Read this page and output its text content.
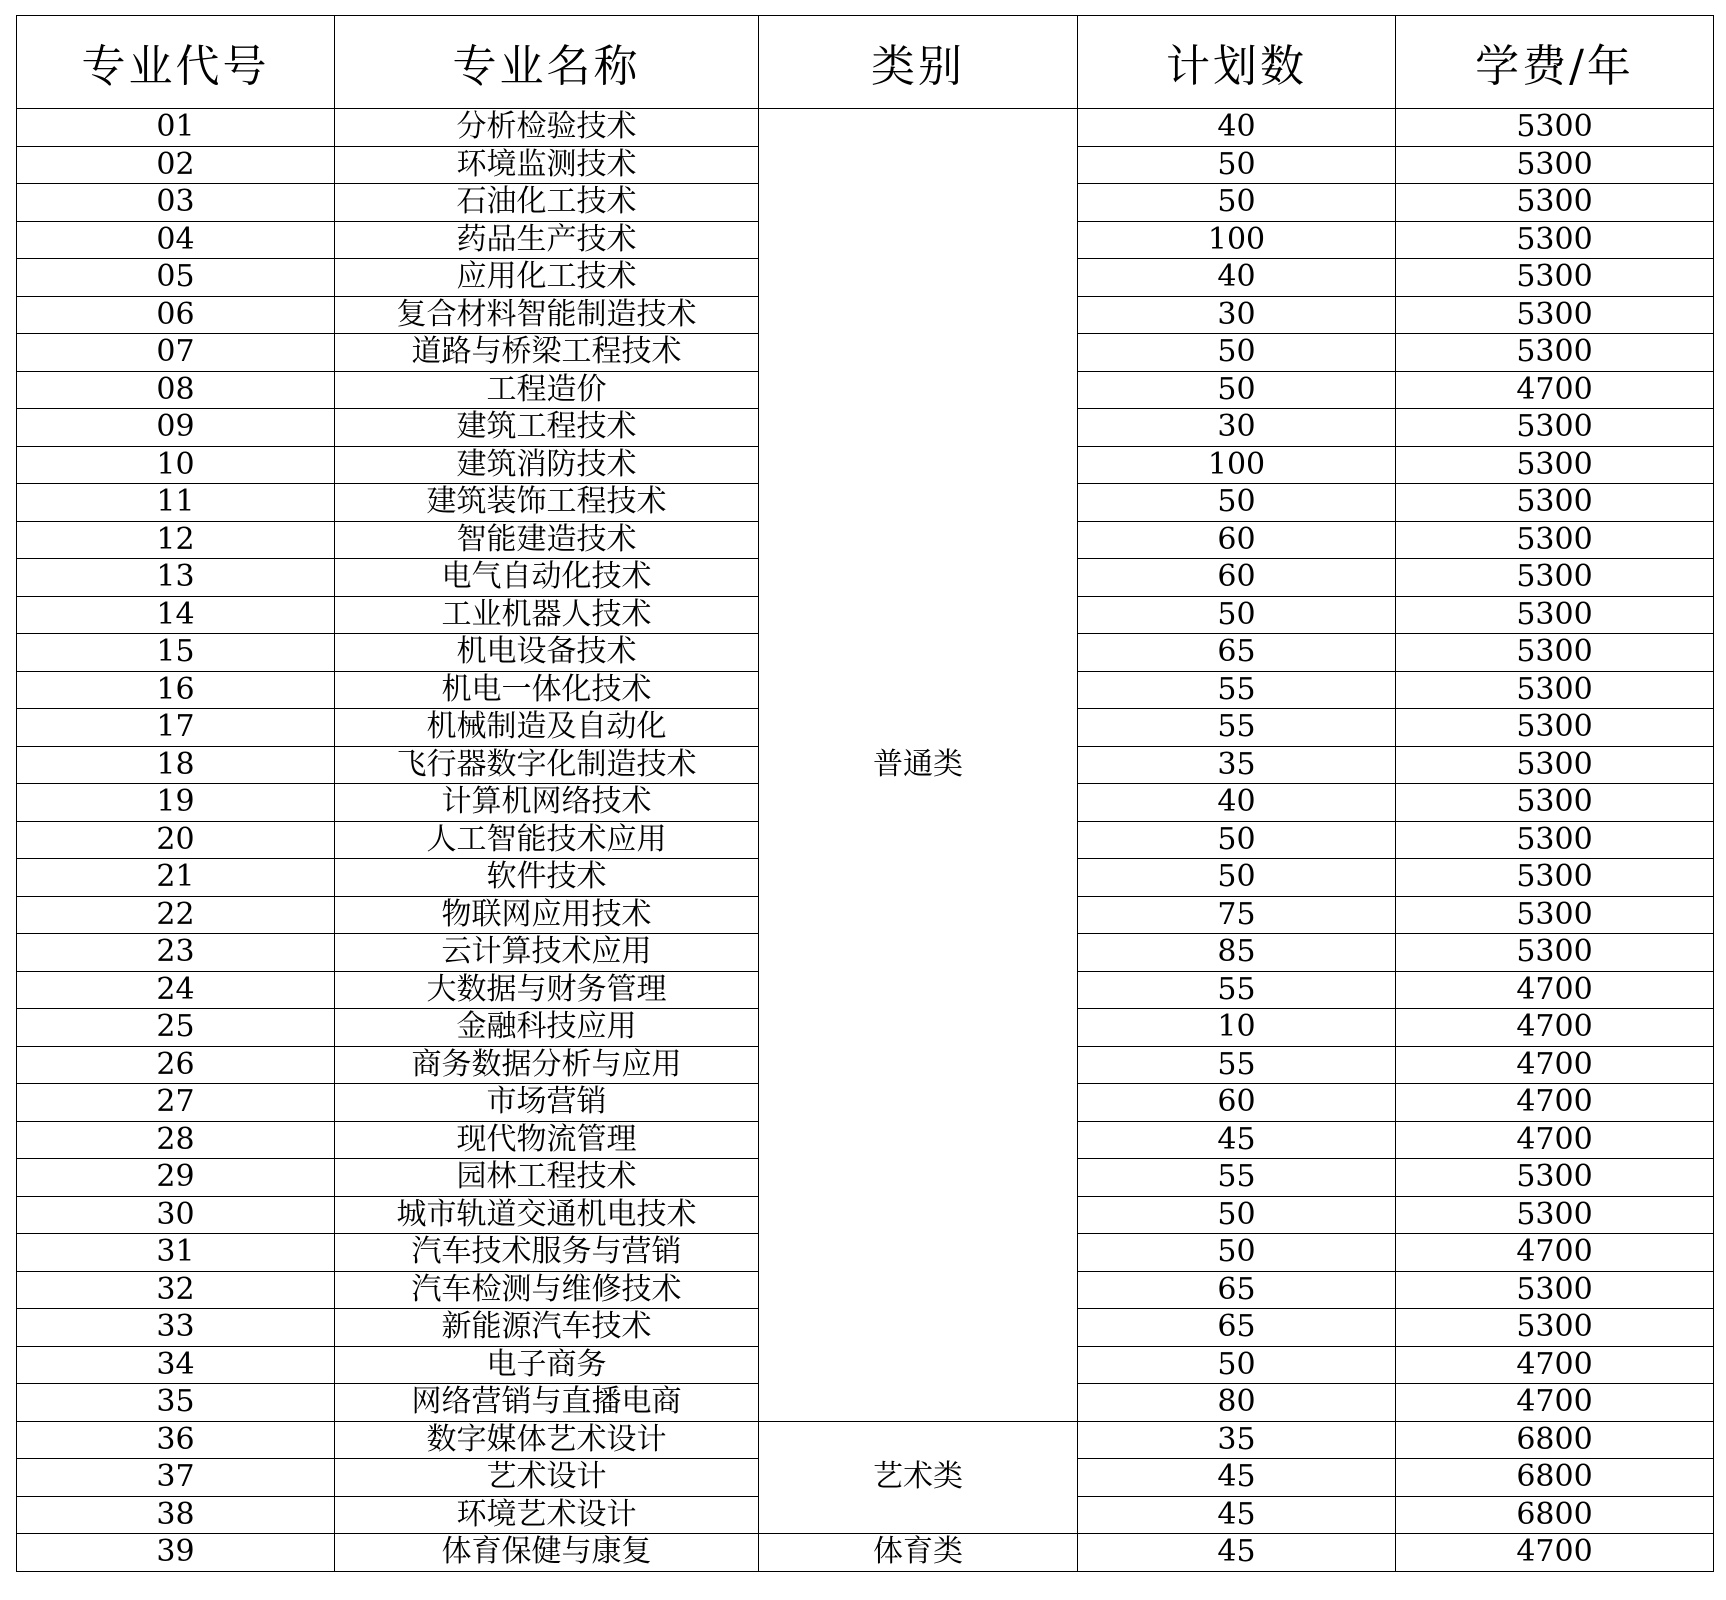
专业代号	专业名称	类别	计划数	学费/年
01	分析检验技术	普通类	40	5300
02	环境监测技术		50	5300
03	石油化工技术		50	5300
04	药品生产技术		100	5300
05	应用化工技术		40	5300
06	复合材料智能制造技术		30	5300
07	道路与桥梁工程技术		50	5300
08	工程造价		50	4700
09	建筑工程技术		30	5300
10	建筑消防技术		100	5300
11	建筑装饰工程技术		50	5300
12	智能建造技术		60	5300
13	电气自动化技术		60	5300
14	工业机器人技术		50	5300
15	机电设备技术		65	5300
16	机电一体化技术		55	5300
17	机械制造及自动化		55	5300
18	飞行器数字化制造技术		35	5300
19	计算机网络技术		40	5300
20	人工智能技术应用		50	5300
21	软件技术		50	5300
22	物联网应用技术		75	5300
23	云计算技术应用		85	5300
24	大数据与财务管理		55	4700
25	金融科技应用		10	4700
26	商务数据分析与应用		55	4700
27	市场营销		60	4700
28	现代物流管理		45	4700
29	园林工程技术		55	5300
30	城市轨道交通机电技术		50	5300
31	汽车技术服务与营销		50	4700
32	汽车检测与维修技术		65	5300
33	新能源汽车技术		65	5300
34	电子商务		50	4700
35	网络营销与直播电商		80	4700
36	数字媒体艺术设计	艺术类	35	6800
37	艺术设计		45	6800
38	环境艺术设计		45	6800
39	体育保健与康复	体育类	45	4700
